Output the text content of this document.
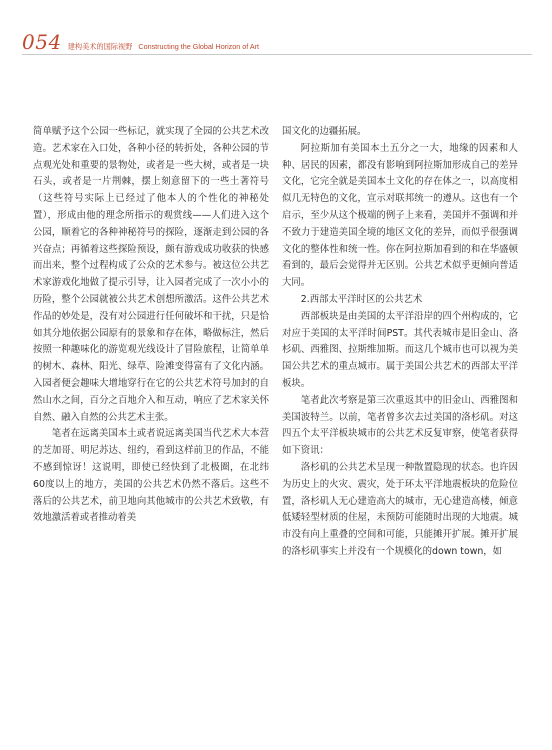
054 建构美术的国际视野 Constructing the Global Horizon of Art

简单赋予这个公园一些标记，就实现了全园的公共艺术改造。艺术家在入口处，各种小径的转折处，各种公园的节点观光处和重要的景物处，或者是一些大树，或者是一块石头，或者是一片荆棘，摆上刻意留下的一些土著符号（这些符号实际上已经过了他本人的个性化的神秘处置），形成由他的理念所指示的观赏线——人们进入这个公园，顺着它的各种神秘符号的探险，逐渐走到公园的各兴奋点；再循着这些探险预设，颇有游戏成功收获的快感而出来，整个过程构成了公众的艺术参与。被这位公共艺术家游戏化地做了提示引导，让入园者完成了一次小小的历险，整个公园就被公共艺术创想所激活。这件公共艺术作品的妙处是，没有对公园进行任何破坏和干扰，只是恰如其分地依据公园原有的景象和存在体，略做标注，然后按照一种趣味化的游览观光线设计了冒险旅程，让简单单的树木、森林、阳光、绿草、险滩变得富有了文化内涵。入园者便会趣味大增地穿行在它的公共艺术符号加封的自然山水之间，百分之百地介入和互动，响应了艺术家关怀自然、融入自然的公共艺术主张。

笔者在远离美国本土或者说远离美国当代艺术大本营的芝加哥、明尼苏达、纽约，看到这样前卫的作品，不能不感到惊讶！这说明，即使已经快到了北极圈，在北纬60度以上的地方，美国的公共艺术仍然不落后。这些不落后的公共艺术，前卫地向其他城市的公共艺术致敬，有效地激活着或者推动着美

国文化的边疆拓展。

阿拉斯加有美国本土五分之一大，地缘的因素和人种、居民的因素，都没有影响到阿拉斯加形成自己的差异文化，它完全就是美国本土文化的存在体之一，以高度相似几无特色的文化，宣示对联邦统一的遵从。这也有一个启示，至少从这个极端的例子上来看，美国并不强调和并不致力于建造美国全境的地区文化的差异，而似乎很强调文化的整体性和统一性。你在阿拉斯加看到的和在华盛顿看到的，最后会觉得并无区别。公共艺术似乎更倾向普适大同。

2.西部太平洋时区的公共艺术

西部板块是由美国的太平洋沿岸的四个州构成的，它对应于美国的太平洋时间PST。其代表城市是旧金山、洛杉矶、西雅图、拉斯维加斯。而这几个城市也可以视为美国公共艺术的重点城市。属于美国公共艺术的西部太平洋板块。

笔者此次考察是第三次重返其中的旧金山、西雅图和美国波特兰。以前，笔者曾多次去过美国的洛杉矶。对这四五个太平洋板块城市的公共艺术反复审察，使笔者获得如下资讯：

洛杉矶的公共艺术呈现一种散置隐现的状态。也许因为历史上的火灾、震灾，处于环太平洋地震板块的危险位置，洛杉矶人无心建造高大的城市，无心建造高楼，倾意低矮轻型材质的住屋，未预防可能随时出现的大地震。城市没有向上重叠的空间和可能，只能摊开扩展。摊开扩展的洛杉矶事实上并没有一个规模化的down town，如
